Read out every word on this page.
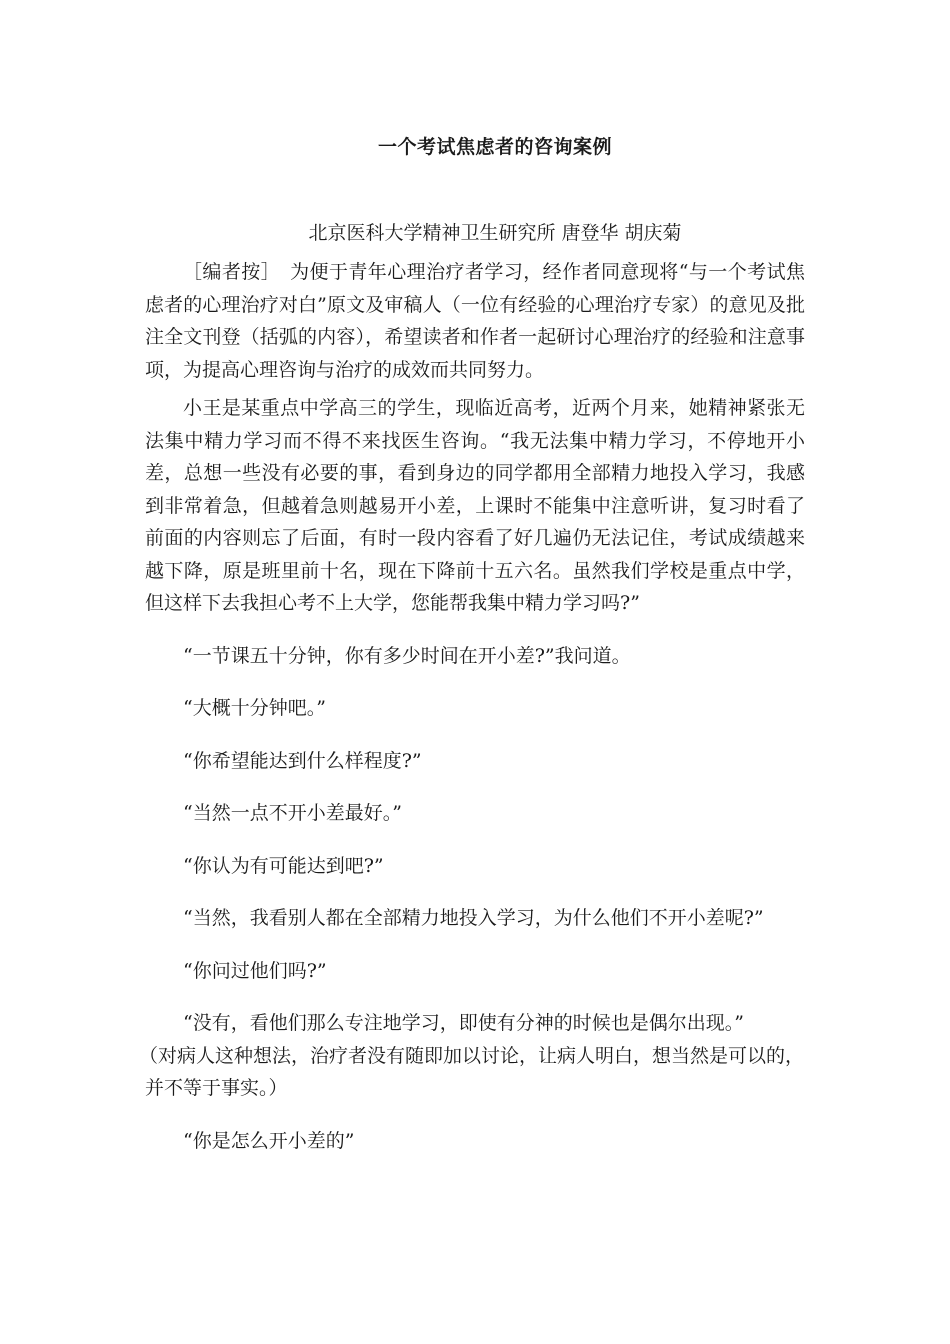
一个考试焦虑者的咨询案例
北京医科大学精神卫生研究所 唐登华 胡庆菊

［编者按］　为便于青年心理治疗者学习，经作者同意现将“与一个考试焦虑者的心理治疗对白”原文及审稿人（一位有经验的心理治疗专家）的意见及批注全文刊登（括弧的内容），希望读者和作者一起研讨心理治疗的经验和注意事项，为提高心理咨询与治疗的成效而共同努力。

小王是某重点中学高三的学生，现临近高考，近两个月来，她精神紧张无法集中精力学习而不得不来找医生咨询。“我无法集中精力学习，不停地开小差，总想一些没有必要的事，看到身边的同学都用全部精力地投入学习，我感到非常着急，但越着急则越易开小差，上课时不能集中注意听讲，复习时看了前面的内容则忘了后面，有时一段内容看了好几遍仍无法记住，考试成绩越来越下降，原是班里前十名，现在下降前十五六名。虽然我们学校是重点中学，但这样下去我担心考不上大学，您能帮我集中精力学习吗?”

“一节课五十分钟，你有多少时间在开小差?”我问道。

“大概十分钟吧。”

“你希望能达到什么样程度?”

“当然一点不开小差最好。”

“你认为有可能达到吧?”

“当然，我看别人都在全部精力地投入学习，为什么他们不开小差呢?”

“你问过他们吗?”

“没有，看他们那么专注地学习，即使有分神的时候也是偶尔出现。”

（对病人这种想法，治疗者没有随即加以讨论，让病人明白，想当然是可以的，并不等于事实。）

“你是怎么开小差的”
